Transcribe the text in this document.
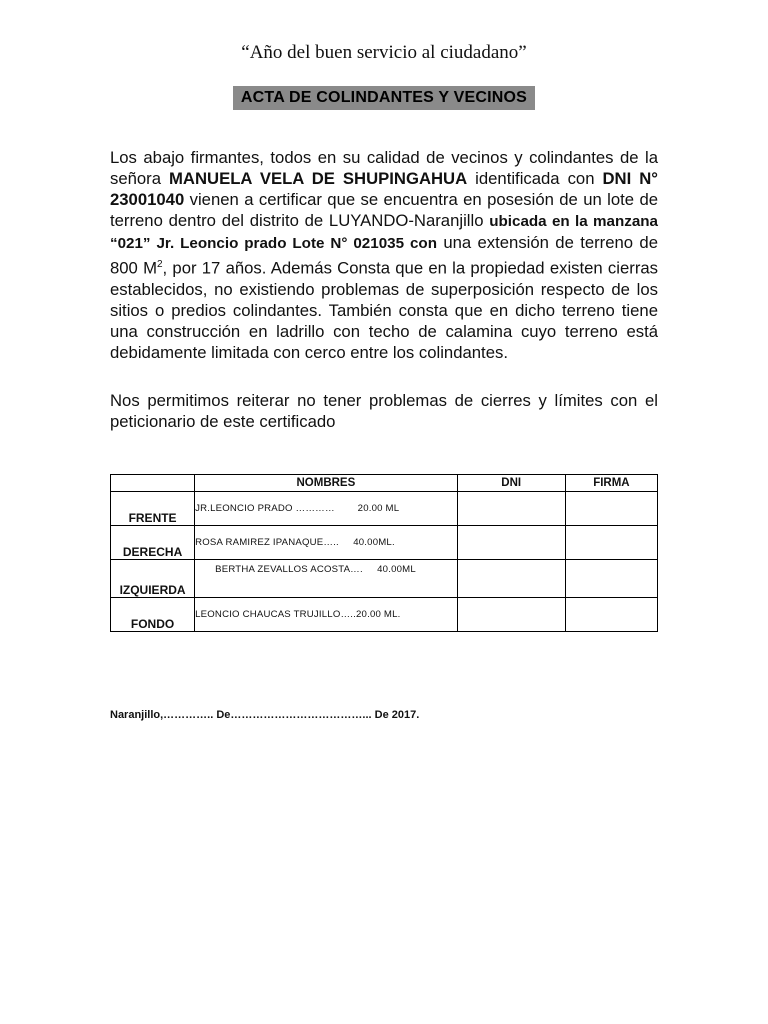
“Año del buen servicio al ciudadano”
ACTA DE COLINDANTES Y VECINOS
Los abajo firmantes, todos en su calidad de vecinos y colindantes de la señora MANUELA VELA DE SHUPINGAHUA identificada con DNI N° 23001040 vienen a certificar que se encuentra en posesión de un lote de terreno dentro del distrito de LUYANDO-Naranjillo ubicada en la manzana “021” Jr. Leoncio prado Lote N° 021035 con una extensión de terreno de 800 $M^2$, por 17 años. Además Consta que en la propiedad existen cierras establecidos, no existiendo problemas de superposición respecto de los sitios o predios colindantes. También consta que en dicho terreno tiene una construcción en ladrillo con techo de calamina cuyo terreno está debidamente limitada con cerco entre los colindantes.
Nos permitimos reiterar no tener problemas de cierres y límites con el peticionario de este certificado
	NOMBRES	DNI	FIRMA
FRENTE	JR.LEONCIO PRADO …………        20.00 ML		
DERECHA	ROSA RAMIREZ IPANAQUE…..     40.00ML.		
IZQUIERDA	BERTHA ZEVALLOS ACOSTA….     40.00ML		
FONDO	LEONCIO CHAUCAS TRUJILLO…..20.00 ML.		
Naranjillo,………….. De………………………………... De 2017.
